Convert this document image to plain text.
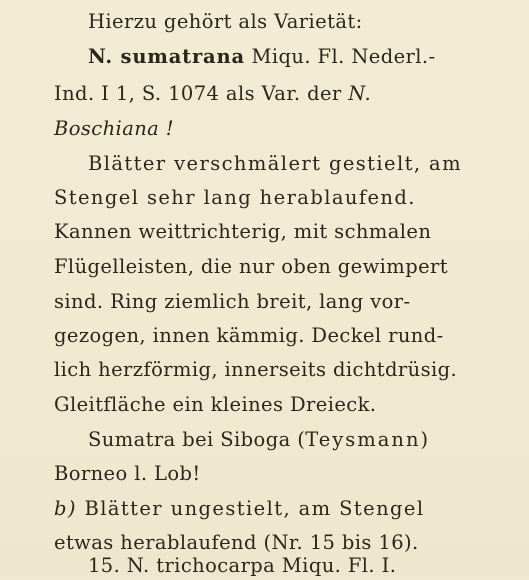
Hierzu gehört als Varietät:
N. sumatrana Miqu. Fl. Nederl.-
Ind. I 1, S. 1074 als Var. der N.
Boschiana !
Blätter verschmälert gestielt, am
Stengel sehr lang herablaufend.
Kannen weittrichterig, mit schmalen
Flügelleisten, die nur oben gewimpert
sind. Ring ziemlich breit, lang vor-
gezogen, innen kämmig. Deckel rund-
lich herzförmig, innerseits dichtdrüsig.
Gleitfläche ein kleines Dreieck.
Sumatra bei Siboga (Teysmann)
Borneo l. Lob!
b) Blätter ungestielt, am Stengel
etwas herablaufend (Nr. 15 bis 16).
15. N. trichocarpa Miqu. Fl. I.
